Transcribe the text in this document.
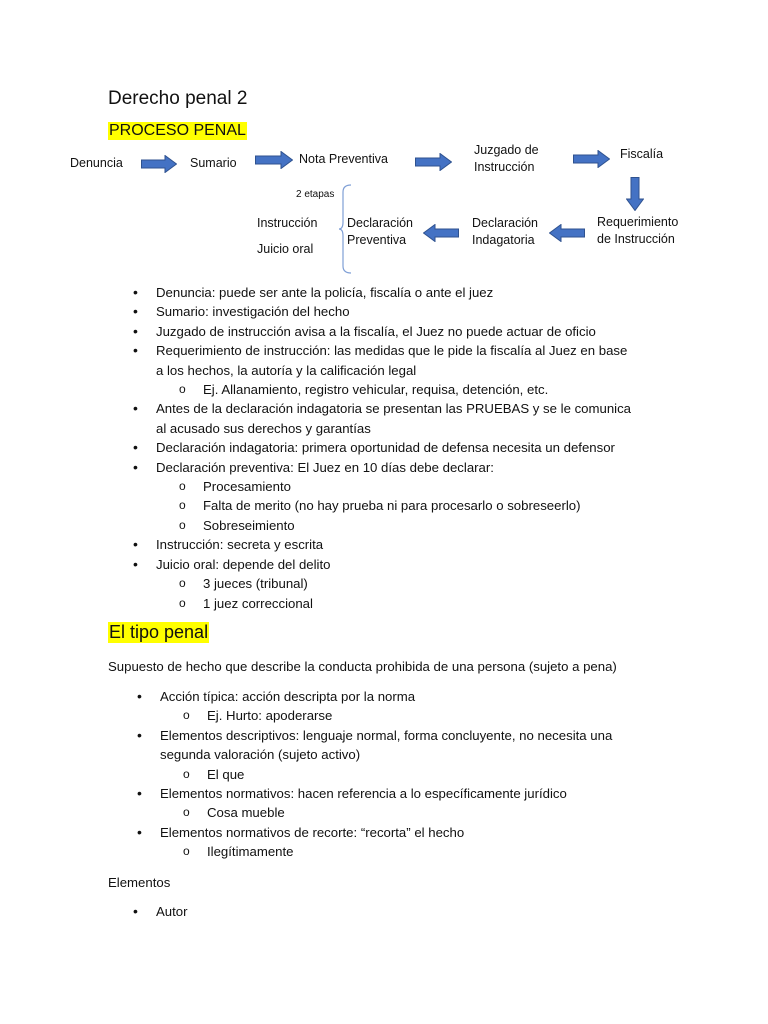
Derecho penal 2
PROCESO PENAL
Denuncia	Sumario	Nota Preventiva
Juzgado de
Instrucción
Fiscalía
Requerimiento
de Instrucción
Declaración
Indagatoria
Declaración
Preventiva
2 etapas
Instrucción
Juicio oral
• Denuncia: puede ser ante la policía, fiscalía o ante el juez
• Sumario: investigación del hecho
• Juzgado de instrucción avisa a la fiscalía, el Juez no puede actuar de oficio
• Requerimiento de instrucción: las medidas que le pide la fiscalía al Juez en base
a los hechos, la autoría y la calificación legal
o Ej. Allanamiento, registro vehicular, requisa, detención, etc.
• Antes de la declaración indagatoria se presentan las PRUEBAS y se le comunica
al acusado sus derechos y garantías
• Declaración indagatoria: primera oportunidad de defensa necesita un defensor
• Declaración preventiva: El Juez en 10 días debe declarar:
o Procesamiento
o Falta de merito (no hay prueba ni para procesarlo o sobreseerlo)
o Sobreseimiento
• Instrucción: secreta y escrita
• Juicio oral: depende del delito
o 3 jueces (tribunal)
o 1 juez correccional
El tipo penal
Supuesto de hecho que describe la conducta prohibida de una persona (sujeto a pena)
• Acción típica: acción descripta por la norma
o Ej. Hurto: apoderarse
• Elementos descriptivos: lenguaje normal, forma concluyente, no necesita una
segunda valoración (sujeto activo)
o El que
• Elementos normativos: hacen referencia a lo específicamente jurídico
o Cosa mueble
• Elementos normativos de recorte: “recorta” el hecho
o Ilegítimamente
Elementos
• Autor
